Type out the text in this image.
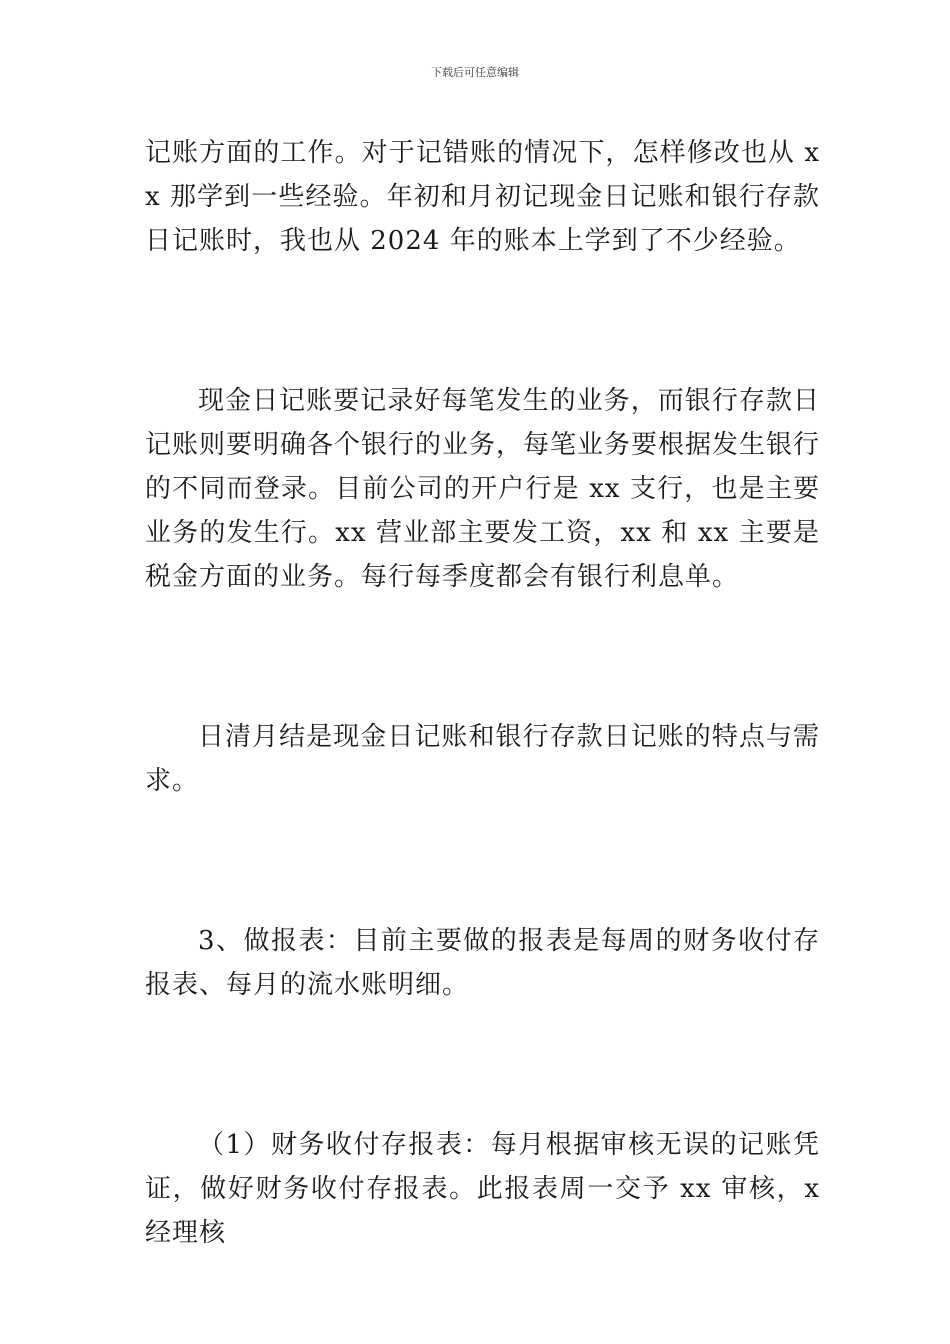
下载后可任意编辑

记账方面的工作。对于记错账的情况下，怎样修改也从 xx 那学到一些经验。年初和月初记现金日记账和银行存款日记账时，我也从 2024 年的账本上学到了不少经验。

现金日记账要记录好每笔发生的业务，而银行存款日记账则要明确各个银行的业务，每笔业务要根据发生银行的不同而登录。目前公司的开户行是 xx 支行，也是主要业务的发生行。xx 营业部主要发工资，xx 和 xx 主要是税金方面的业务。每行每季度都会有银行利息单。

日清月结是现金日记账和银行存款日记账的特点与需求。

3、做报表：目前主要做的报表是每周的财务收付存报表、每月的流水账明细。

（1）财务收付存报表：每月根据审核无误的记账凭证，做好财务收付存报表。此报表周一交予 xx 审核，x 经理核
